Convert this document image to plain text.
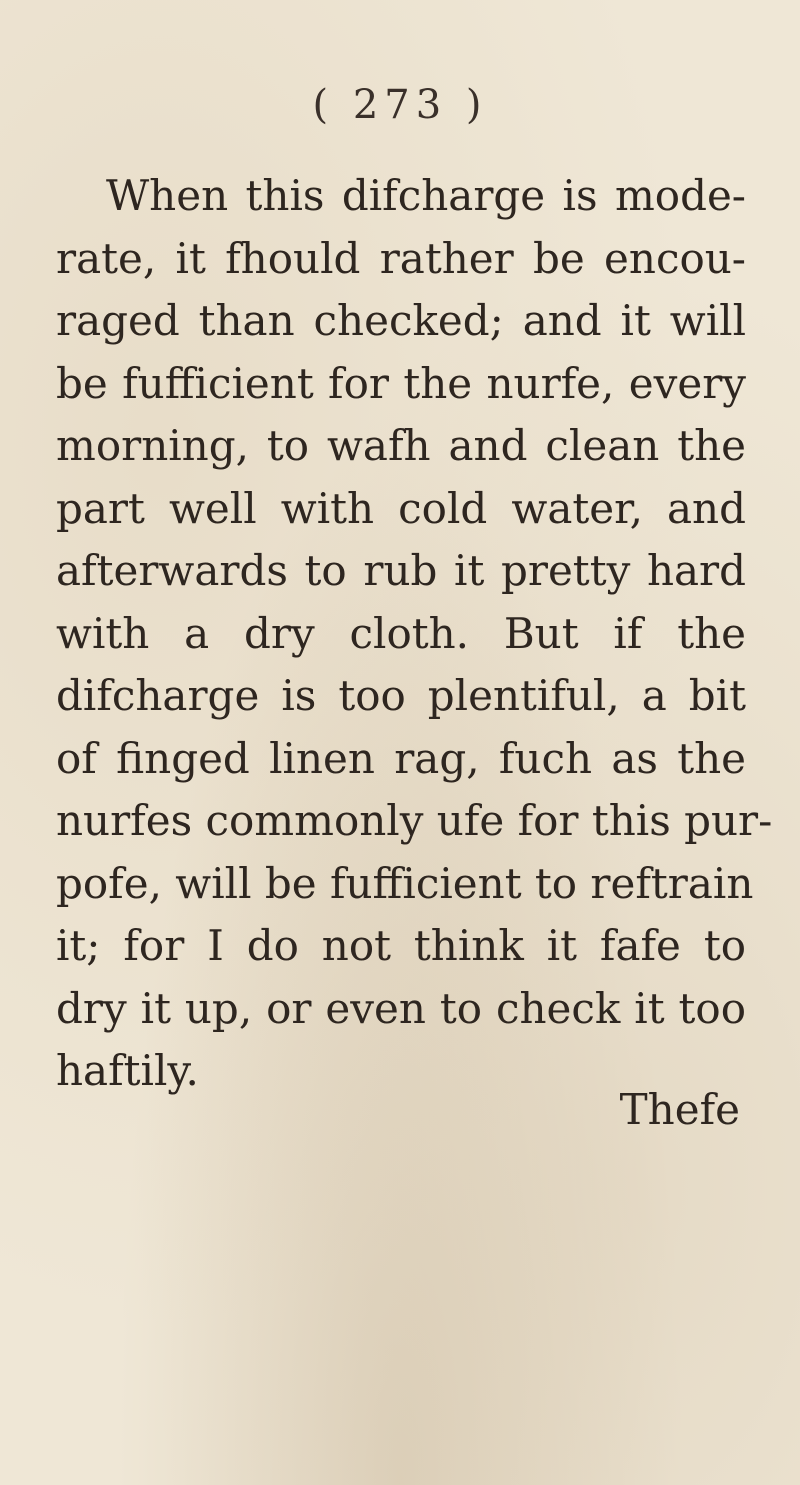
( 273 )
When this difcharge is mode-
rate, it fhould rather be encou-
raged than checked; and it will
be fufficient for the nurfe, every
morning, to wafh and clean the
part well with cold water, and
afterwards to rub it pretty hard
with a dry cloth. But if the
difcharge is too plentiful, a bit
of finged linen rag, fuch as the
nurfes commonly ufe for this pur-
pofe, will be fufficient to reftrain
it; for I do not think it fafe to
dry it up, or even to check it too
haftily.
Thefe
